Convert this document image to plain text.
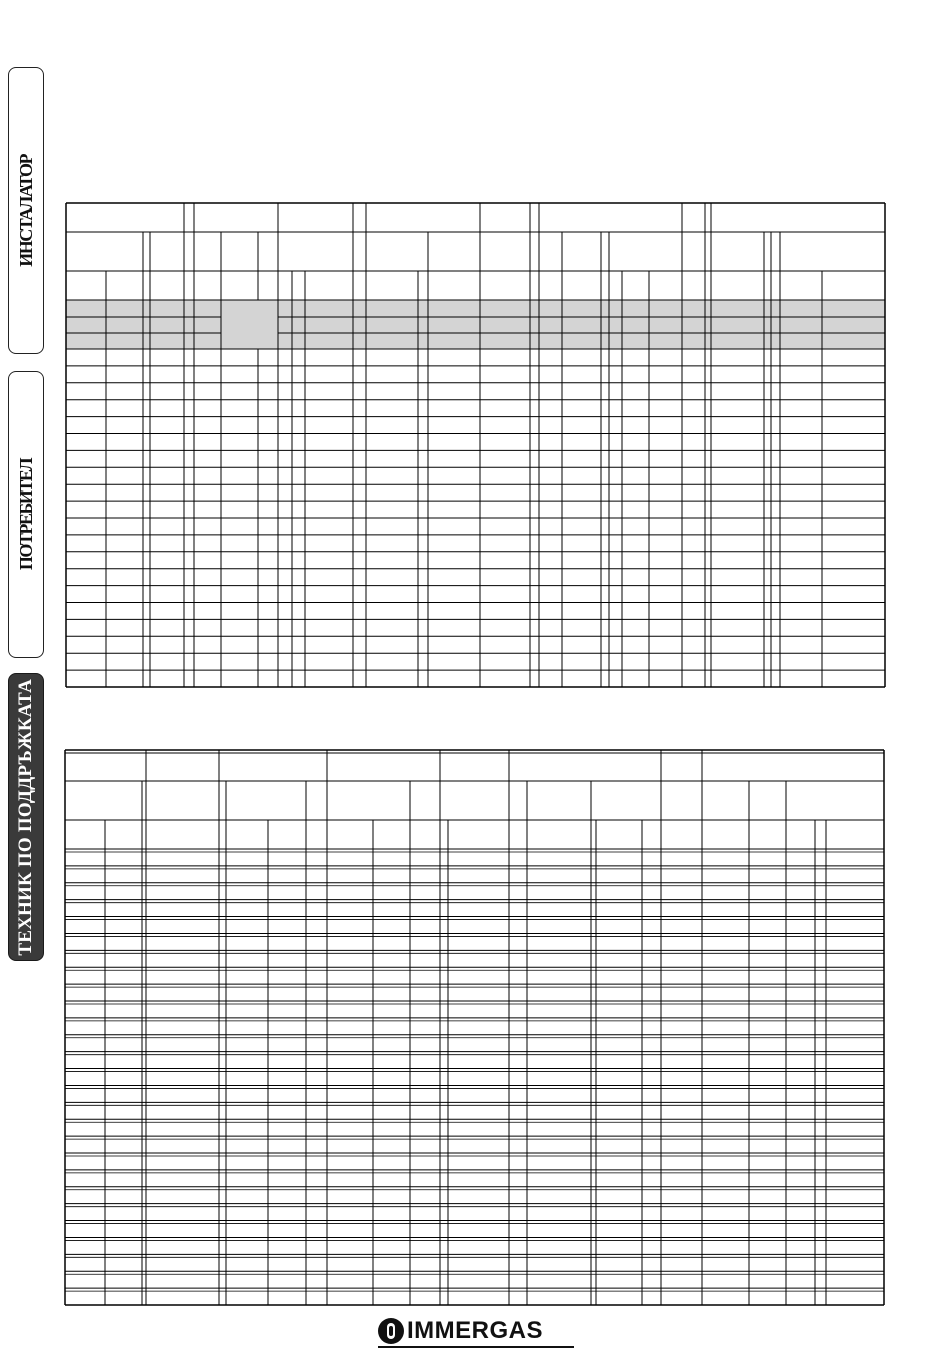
ИНСТАЛАТОР
ПОТРЕБИТЕЛ
ТЕХНИК ПО ПОДДРЪЖКАТА
IMMERGAS
